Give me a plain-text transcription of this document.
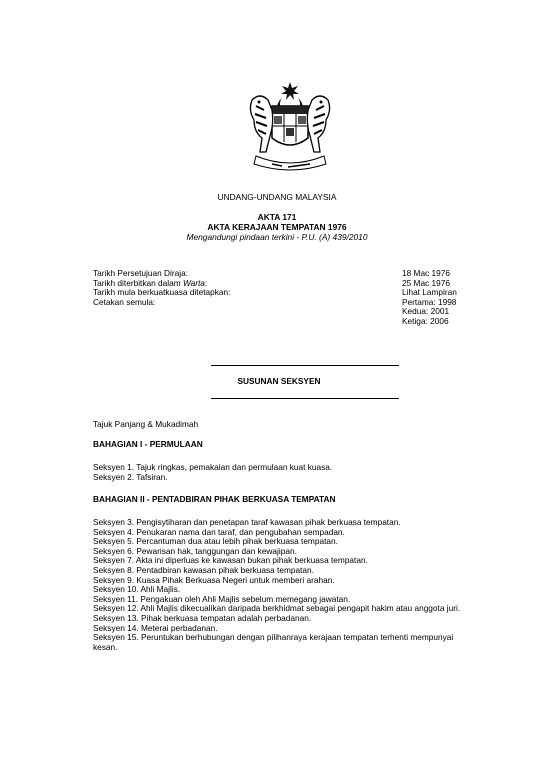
UNDANG-UNDANG MALAYSIA
AKTA 171
AKTA KERAJAAN TEMPATAN 1976
Mengandungi pindaan terkini - P.U. (A) 439/2010
Tarikh Persetujuan Diraja:
Tarikh diterbitkan dalam Warta:
Tarikh mula berkuatkuasa ditetapkan:
Cetakan semula:
18 Mac 1976
25 Mac 1976
Lihat Lampiran
Pertama: 1998
Kedua: 2001
Ketiga: 2006
SUSUNAN SEKSYEN
Tajuk Panjang & Mukadimah
BAHAGIAN I - PERMULAAN
Seksyen 1. Tajuk ringkas, pemakaian dan permulaan kuat kuasa.
Seksyen 2. Tafsiran.
BAHAGIAN II - PENTADBIRAN PIHAK BERKUASA TEMPATAN
Seksyen 3. Pengisytiharan dan penetapan taraf kawasan pihak berkuasa tempatan.
Seksyen 4. Penukaran nama dan taraf, dan pengubahan sempadan.
Seksyen 5. Percantuman dua atau lebih pihak berkuasa tempatan.
Seksyen 6. Pewarisan hak, tanggungan dan kewajipan.
Seksyen 7. Akta ini diperluas ke kawasan bukan pihak berkuasa tempatan.
Seksyen 8. Pentadbiran kawasan pihak berkuasa tempatan.
Seksyen 9. Kuasa Pihak Berkuasa Negeri untuk memberi arahan.
Seksyen 10. Ahli Majlis.
Seksyen 11. Pengakuan oleh Ahli Majlis sebelum memegang jawatan.
Seksyen 12. Ahli Majlis dikecualikan daripada berkhidmat sebagai pengapit hakim atau anggota juri.
Seksyen 13. Pihak berkuasa tempatan adalah perbadanan.
Seksyen 14. Meterai perbadanan.
Seksyen 15. Peruntukan berhubungan dengan pilihanraya kerajaan tempatan terhenti mempunyai
kesan.
